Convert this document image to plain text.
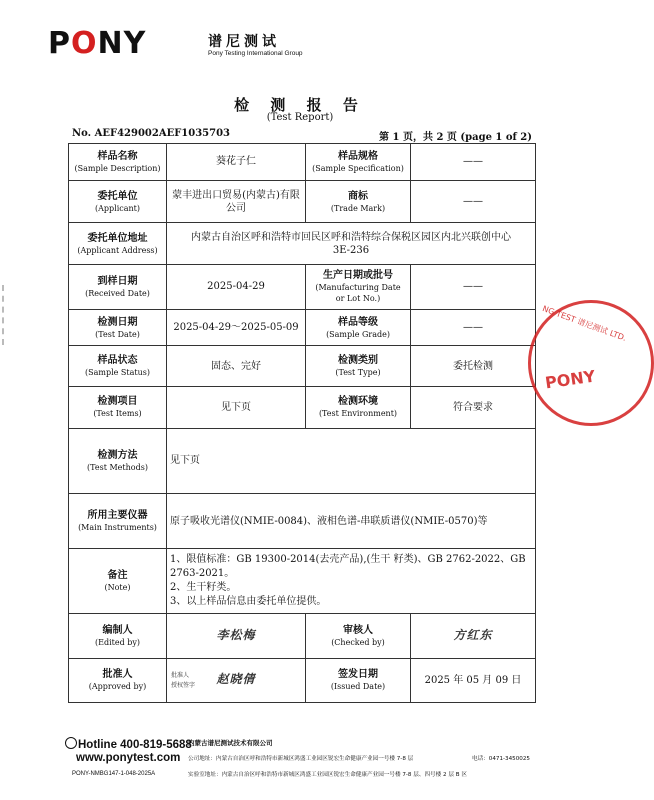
PONY	谱尼测试
Pony Testing International Group
检 测 报 告
(Test Report)
No. AEF429002AEF1035703	第 1 页，共 2 页 (page 1 of 2)
样品名称
(Sample Description)	葵花子仁	样品规格
(Sample Specification)	——

委托单位
(Applicant)	蒙丰进出口贸易(内蒙古)有限公司	商标
(Trade Mark)	——

委托单位地址
(Applicant Address)	内蒙古自治区呼和浩特市回民区呼和浩特综合保税区园区内北兴联创中心
3E-236		

到样日期
(Received Date)	2025-04-29	生产日期或批号
(Manufacturing Date
or Lot No.)	——

检测日期
(Test Date)	2025-04-29～2025-05-09	样品等级
(Sample Grade)	——

样品状态
(Sample Status)	固态、完好	检测类别
(Test Type)	委托检测

检测项目
(Test Items)	见下页	检测环境
(Test Environment)	符合要求

检测方法
(Test Methods)	见下页		

所用主要仪器
(Main Instruments)	原子吸收光谱仪(NMIE-0084)、液相色谱-串联质谱仪(NMIE-0570)等		

备注
(Note)	1、限值标准：GB 19300-2014(去壳产品),(生干 籽类)、GB 2762-2022、GB
2763-2021。
2、生干籽类。
3、以上样品信息由委托单位提供。		

编制人
(Edited by)	李松梅	审核人
(Checked by)	方红东

批准人
(Approved by)	批准人
授权签字 赵晓倩	签发日期
(Issued Date)	2025 年 05 月 09 日
NG TEST 谱尼测试 LTD.
PONY
Hotline 400-819-5688
www.ponytest.com
PONY-NMBG147-1-048-2025A
内蒙古谱尼测试技术有限公司
公司地址：内蒙古自治区呼和浩特市新城区鸿盛工业园区锐宏生命健康产业园一号楼 7-8 层	电话：0471-3450025
实验室地址：内蒙古自治区呼和浩特市新城区鸿盛工业园区锐宏生命健康产业园一号楼 7-8 层、四号楼 2 层 B 区
